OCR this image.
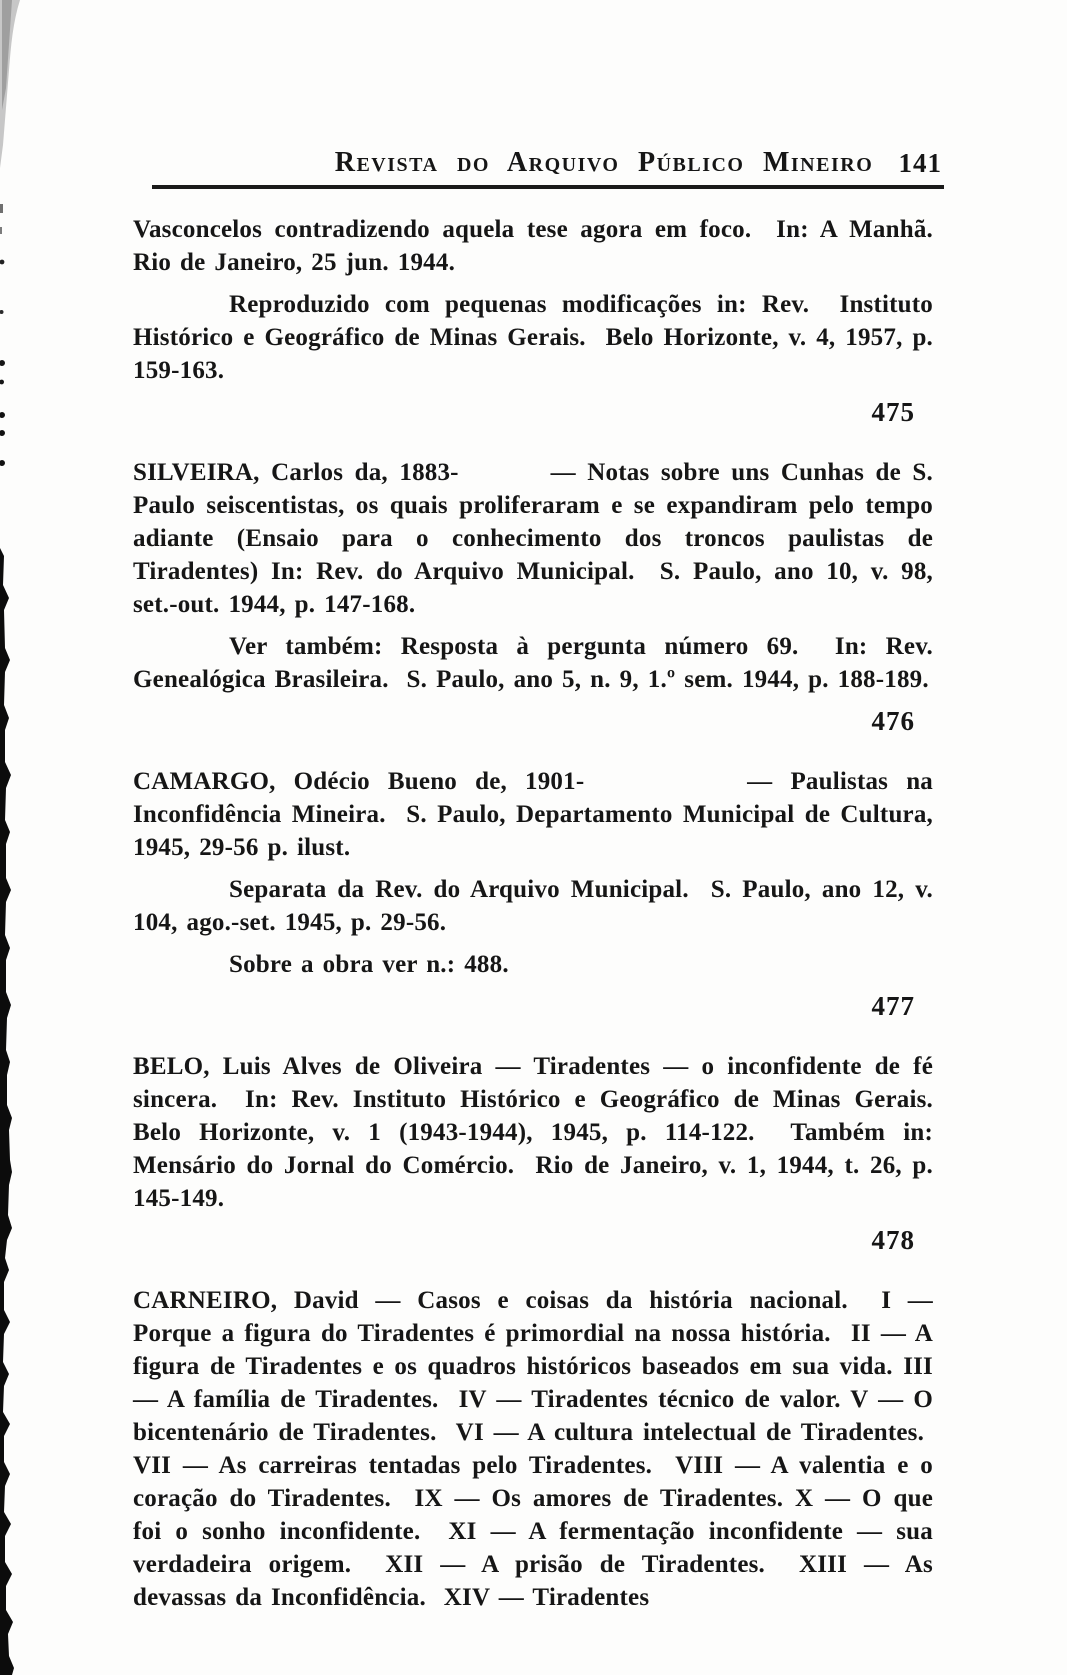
Revista do Arquivo Público Mineiro 141

Vasconcelos contradizendo aquela tese agora em foco.  In: A Manhã. Rio de Janeiro, 25 jun. 1944.

Reproduzido com pequenas modificações in: Rev.  Instituto Histórico e Geográfico de Minas Gerais.  Belo Horizonte, v. 4, 1957, p. 159-163.

475

SILVEIRA, Carlos da, 1883-        — Notas sobre uns Cunhas de S. Paulo seiscentistas, os quais proliferaram e se expandiram pelo tempo adiante (Ensaio para o conhecimento dos troncos paulistas de Tiradentes) In: Rev. do Arquivo Municipal.  S. Paulo, ano 10, v. 98, set.-out. 1944, p. 147-168.

Ver também: Resposta à pergunta número 69.  In: Rev. Genealógica Brasileira.  S. Paulo, ano 5, n. 9, 1.º sem. 1944, p. 188-189.

476

CAMARGO, Odécio Bueno de, 1901-         — Paulistas na Inconfidência Mineira.  S. Paulo, Departamento Municipal de Cultura, 1945, 29-56 p. ilust.

Separata da Rev. do Arquivo Municipal.  S. Paulo, ano 12, v. 104, ago.-set. 1945, p. 29-56.

Sobre a obra ver n.: 488.

477

BELO, Luis Alves de Oliveira — Tiradentes — o inconfidente de fé sincera.  In: Rev. Instituto Histórico e Geográfico de Minas Gerais. Belo Horizonte, v. 1 (1943-1944), 1945, p. 114-122.  Também in: Mensário do Jornal do Comércio.  Rio de Janeiro, v. 1, 1944, t. 26, p. 145-149.

478

CARNEIRO, David — Casos e coisas da história nacional.  I — Porque a figura do Tiradentes é primordial na nossa história.  II — A figura de Tiradentes e os quadros históricos baseados em sua vida. III — A família de Tiradentes.  IV — Tiradentes técnico de valor. V — O bicentenário de Tiradentes.  VI — A cultura intelectual de Tiradentes.  VII — As carreiras tentadas pelo Tiradentes.  VIII — A valentia e o coração do Tiradentes.  IX — Os amores de Tiradentes. X — O que foi o sonho inconfidente.  XI — A fermentação inconfidente — sua verdadeira origem.  XII — A prisão de Tiradentes.  XIII — As devassas da Inconfidência.  XIV — Tiradentes
